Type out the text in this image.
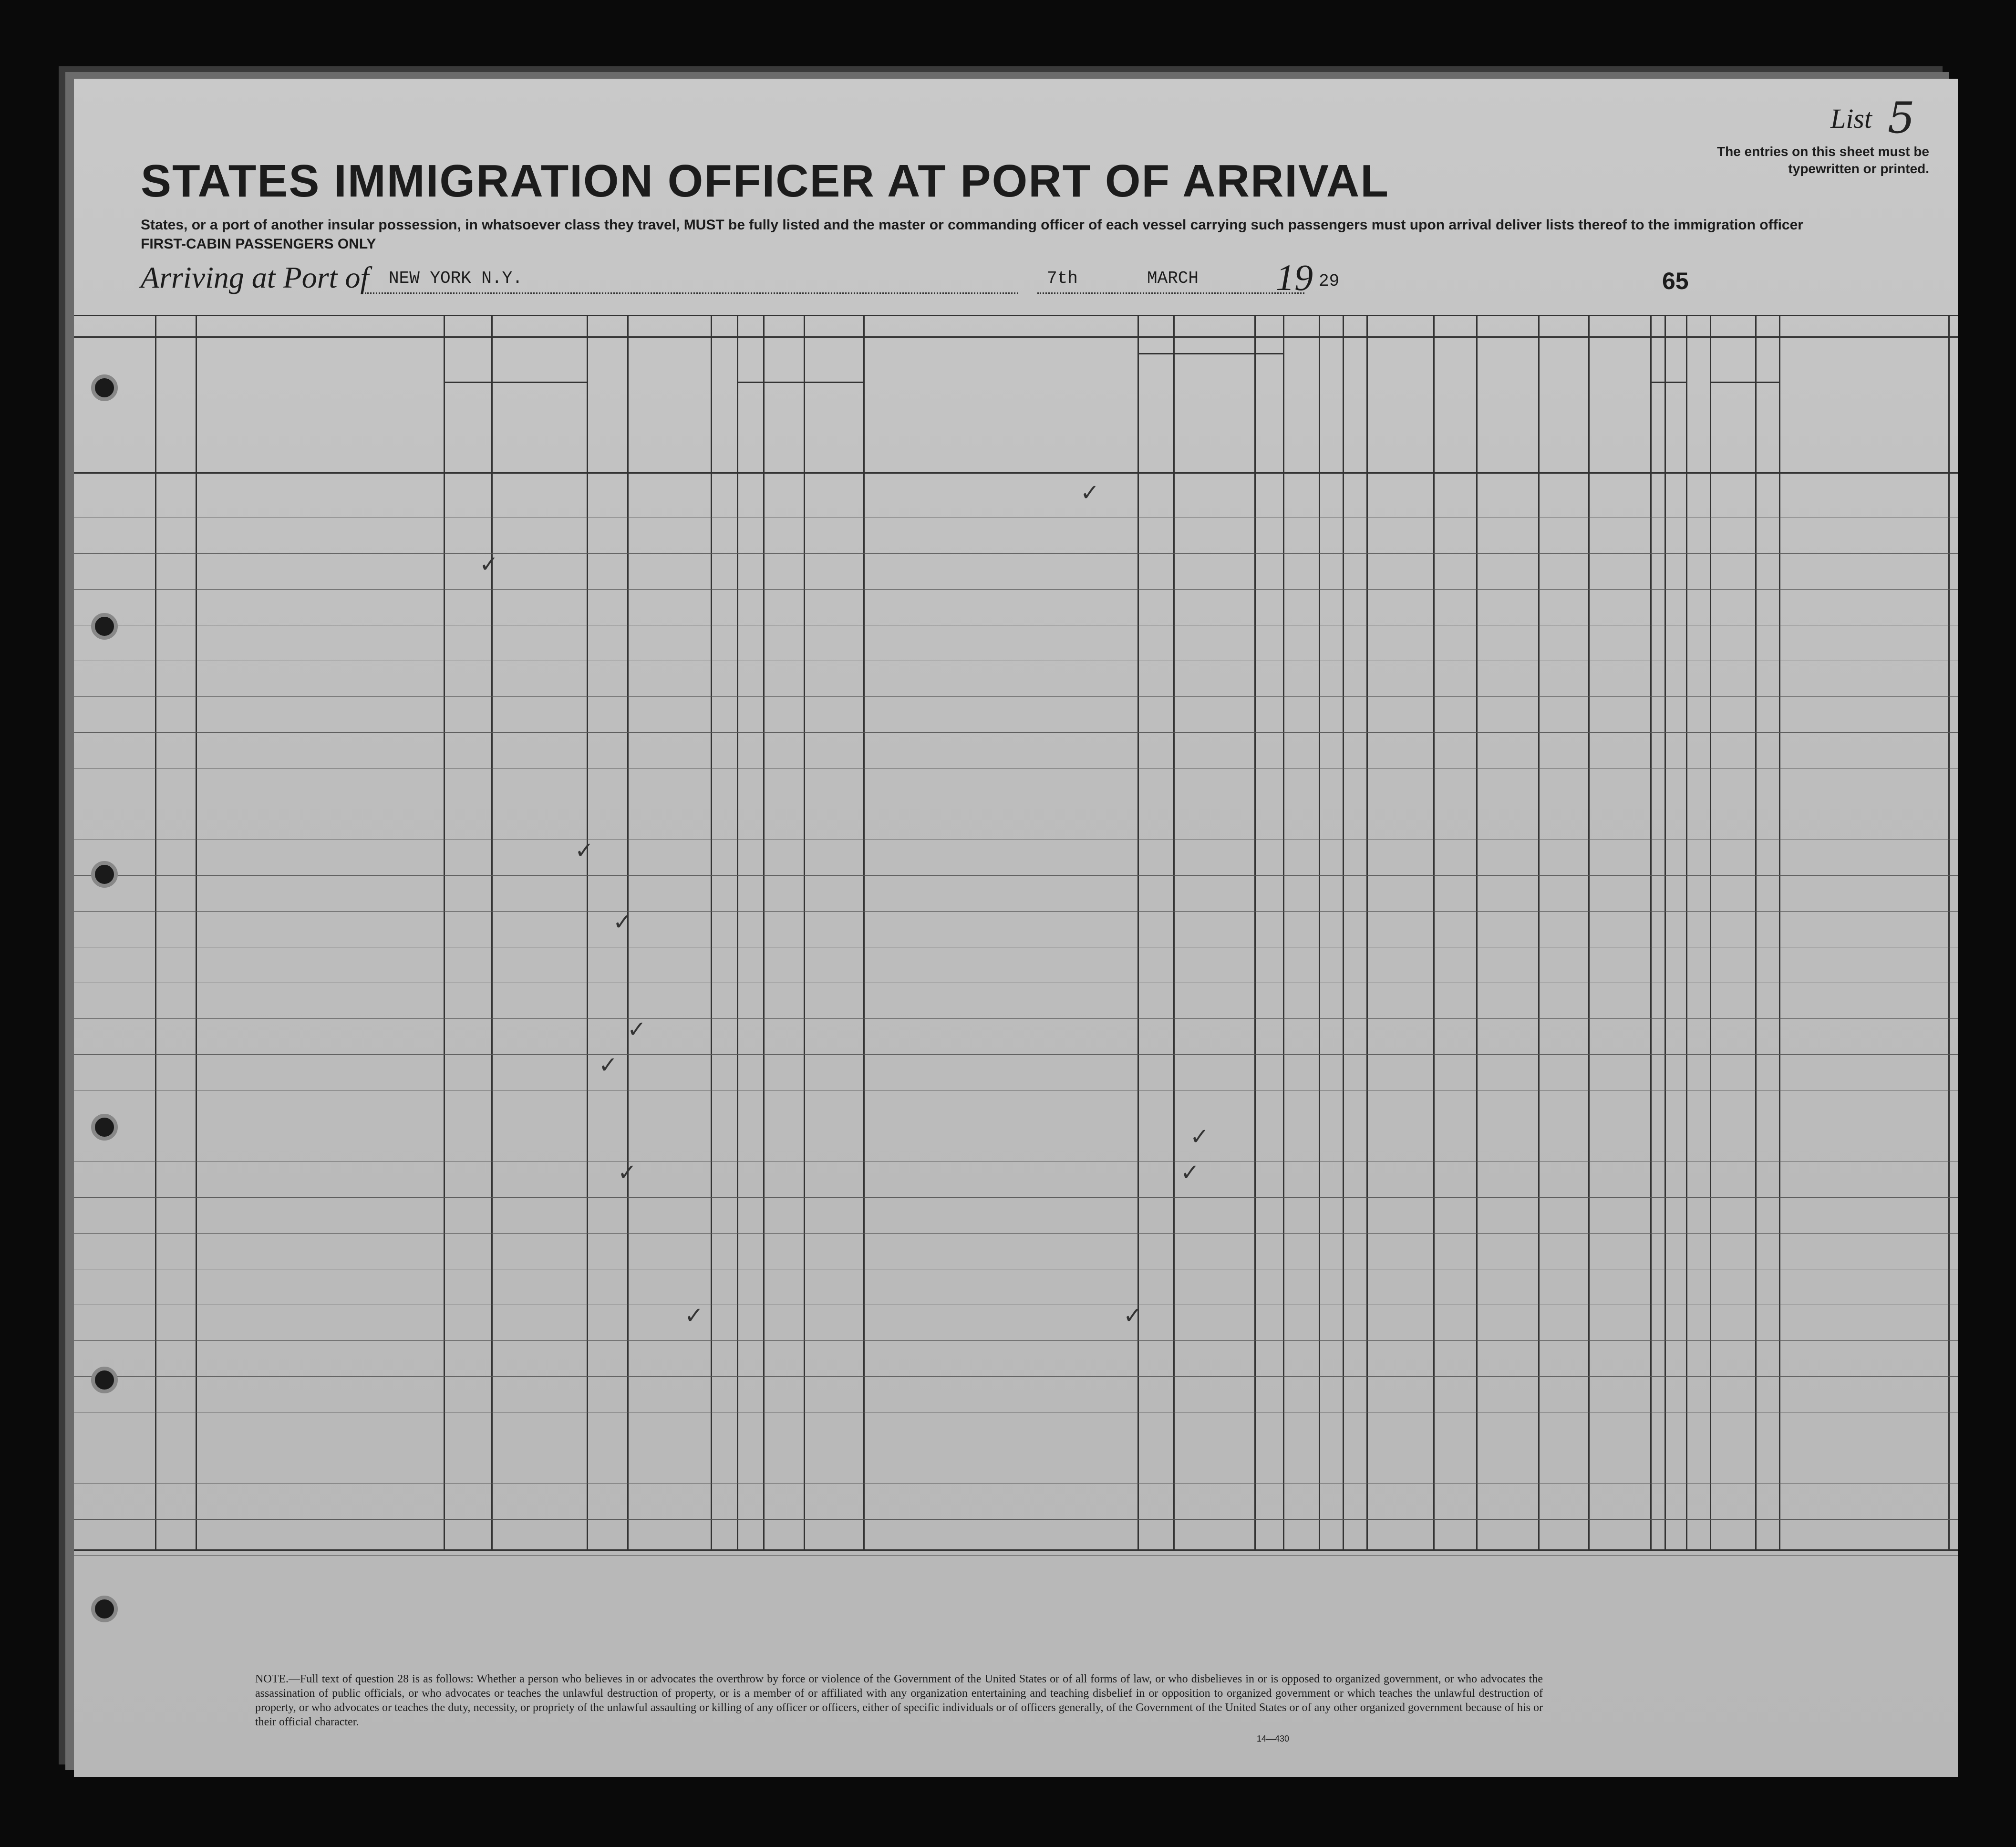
List 5
The entries on this sheet must be typewritten or printed.
STATES IMMIGRATION OFFICER AT PORT OF ARRIVAL
States, or a port of another insular possession, in whatsoever class they travel, MUST be fully listed and the master or commanding officer of each vessel carrying such passengers must upon arrival deliver lists thereof to the immigration officer
FIRST-CABIN PASSENGERS ONLY
Arriving at Port of NEW YORK N.Y.	7th	MARCH 19 29	65
✓
✓
✓
✓
✓
✓
✓
✓	✓
✓	✓
NOTE.—Full text of question 28 is as follows: Whether a person who believes in or advocates the overthrow by force or violence of the Government of the United States or of all forms of law, or who disbelieves in or is opposed to organized government, or who advocates the assassination of public officials, or who advocates or teaches the unlawful destruction of property, or is a member of or affiliated with any organization entertaining and teaching disbelief in or opposition to organized government or which teaches the unlawful destruction of property, or who advocates or teaches the duty, necessity, or propriety of the unlawful assaulting or killing of any officer or officers, either of specific individuals or of officers generally, of the Government of the United States or of any other organized government because of his or their official character.
14—430
